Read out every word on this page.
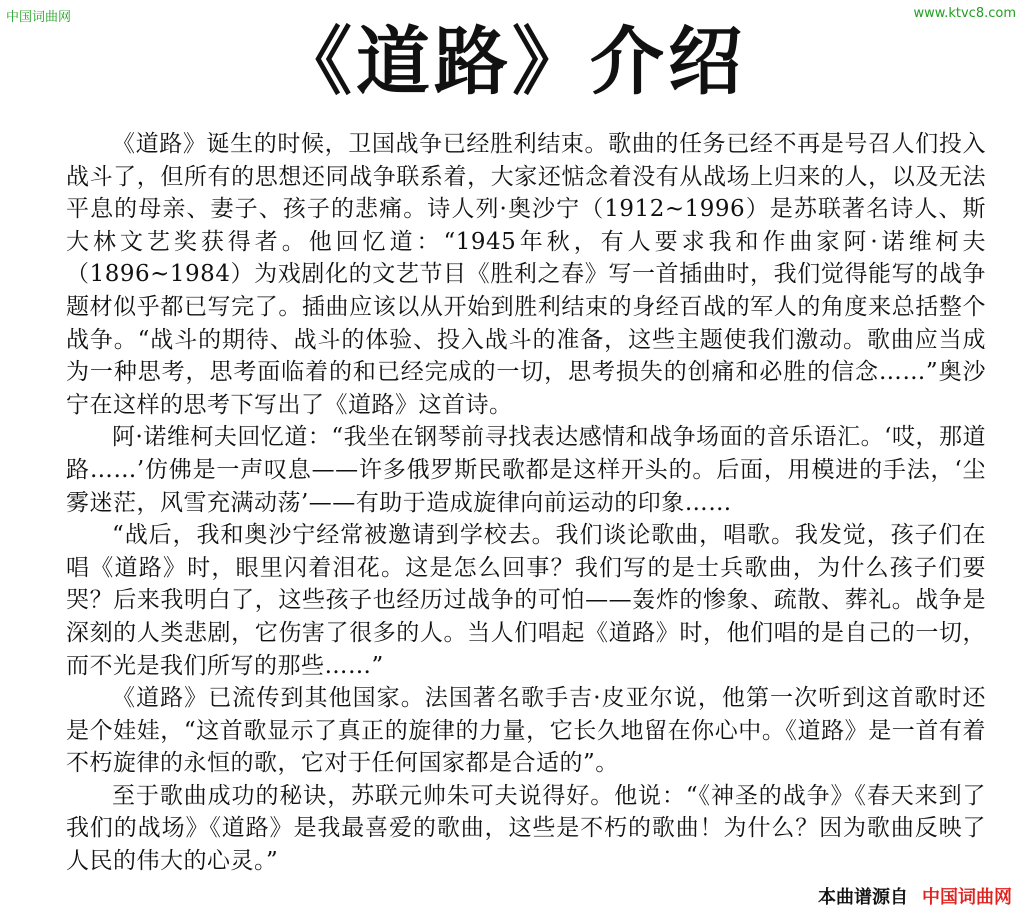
中国词曲网	www.ktvc8.com
《道路》介绍

《道路》诞生的时候，卫国战争已经胜利结束。歌曲的任务已经不再是号召人们投入战斗了，但所有的思想还同战争联系着，大家还惦念着没有从战场上归来的人，以及无法平息的母亲、妻子、孩子的悲痛。诗人列·奥沙宁（1912~1996）是苏联著名诗人、斯大林文艺奖获得者。他回忆道：“1945年秋，有人要求我和作曲家阿·诺维柯夫（1896~1984）为戏剧化的文艺节目《胜利之春》写一首插曲时，我们觉得能写的战争题材似乎都已写完了。插曲应该以从开始到胜利结束的身经百战的军人的角度来总括整个战争。“战斗的期待、战斗的体验、投入战斗的准备，这些主题使我们激动。歌曲应当成为一种思考，思考面临着的和已经完成的一切，思考损失的创痛和必胜的信念……”奥沙宁在这样的思考下写出了《道路》这首诗。

阿·诺维柯夫回忆道：“我坐在钢琴前寻找表达感情和战争场面的音乐语汇。‘哎，那道路……’仿佛是一声叹息——许多俄罗斯民歌都是这样开头的。后面，用模进的手法，‘尘雾迷茫，风雪充满动荡’——有助于造成旋律向前运动的印象……

“战后，我和奥沙宁经常被邀请到学校去。我们谈论歌曲，唱歌。我发觉，孩子们在唱《道路》时，眼里闪着泪花。这是怎么回事？我们写的是士兵歌曲，为什么孩子们要哭？后来我明白了，这些孩子也经历过战争的可怕——轰炸的惨象、疏散、葬礼。战争是深刻的人类悲剧，它伤害了很多的人。当人们唱起《道路》时，他们唱的是自己的一切，而不光是我们所写的那些……”

《道路》已流传到其他国家。法国著名歌手吉·皮亚尔说，他第一次听到这首歌时还是个娃娃，“这首歌显示了真正的旋律的力量，它长久地留在你心中。《道路》是一首有着不朽旋律的永恒的歌，它对于任何国家都是合适的”。

至于歌曲成功的秘诀，苏联元帅朱可夫说得好。他说：“《神圣的战争》《春天来到了我们的战场》《道路》是我最喜爱的歌曲，这些是不朽的歌曲！为什么？因为歌曲反映了人民的伟大的心灵。”

本曲谱源自 中国词曲网
